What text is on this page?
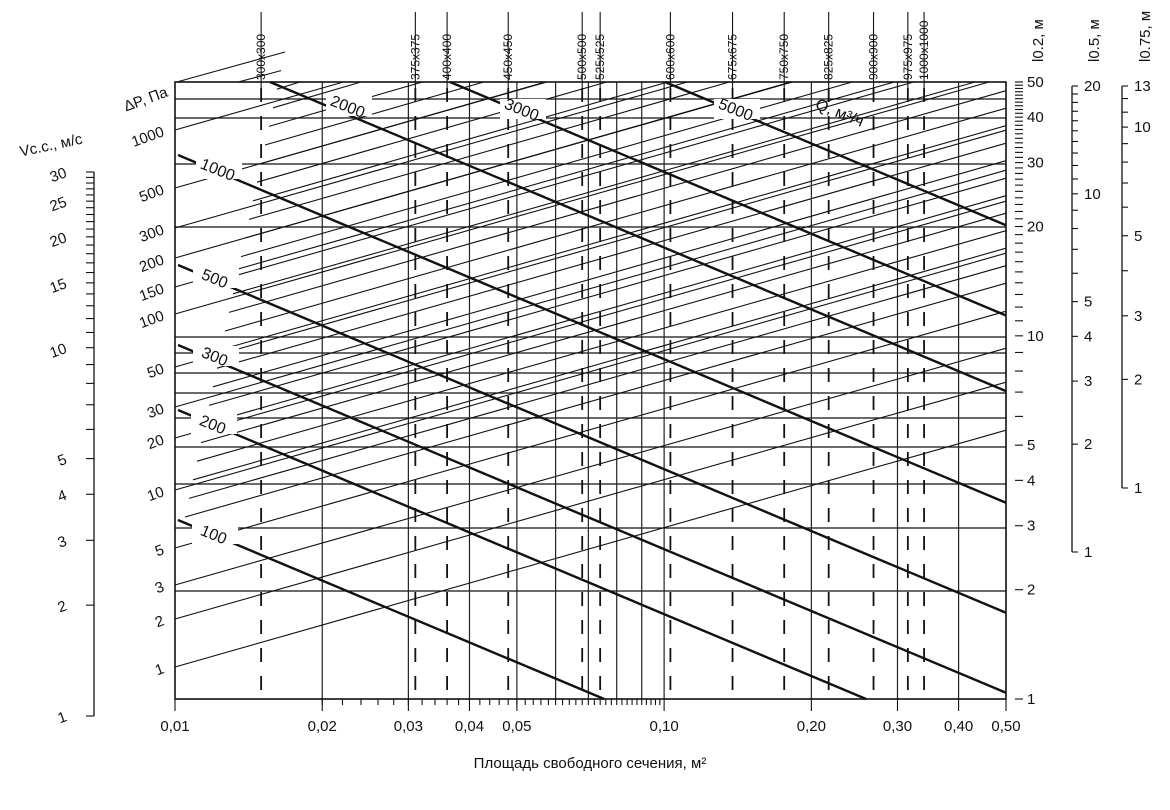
300x300	375x375 400x400	450x450	500x500 525x525	600x600	675x675	750x750	825x825	900x900 975x975 1000x1000
100
200
300
500
1000
2000	3000	5000
0,01	0,02	0,03 0,04 0,05	0,10	0,20	0,30 0,40 0,50
Площадь свободного сечения, м²
1
2
3
4
5
10
15
20
25
30
Vс.с., м/с
1
2
3
5
10
20
30
50
100
150
200
300
500
1000
ΔP, Па
1
2
3
4
5
10
20
30
40
50
l0.2, м
1
2
3
4
5
10
20
l0.5, м
1
2
3
5
10
13
l0.75, м
Q, м³/ч
